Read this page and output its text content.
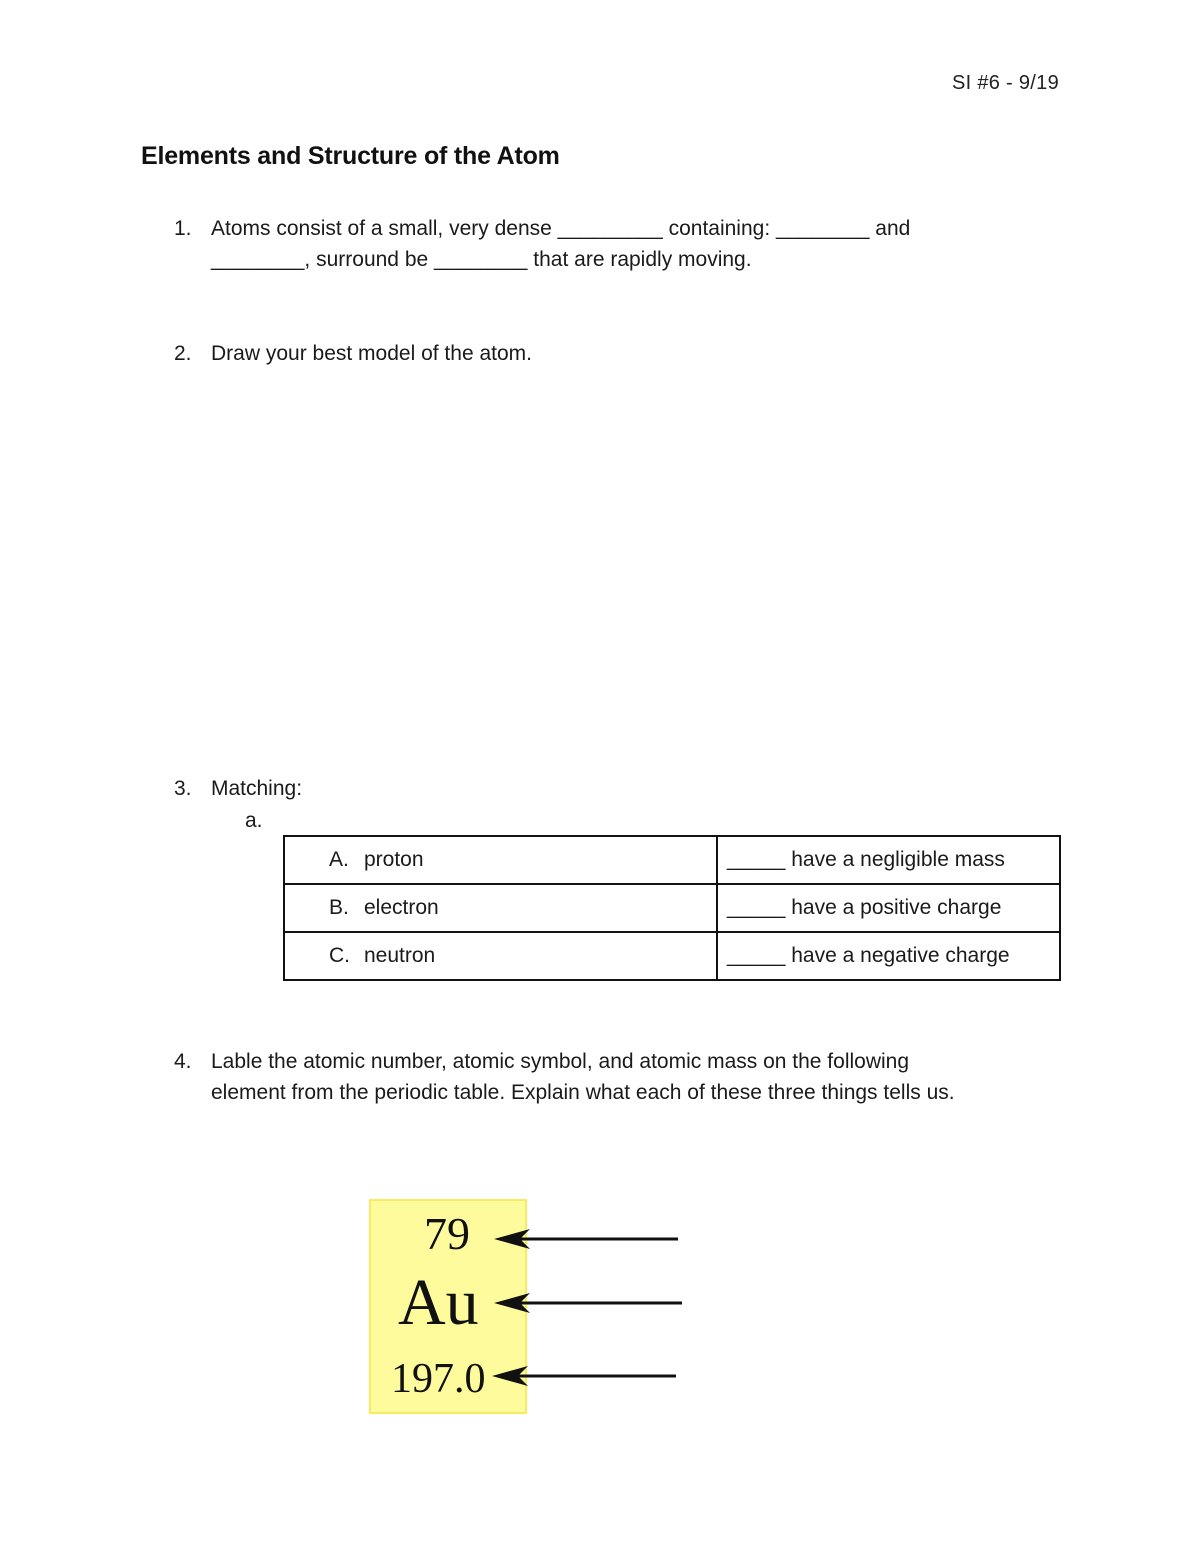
SI #6 - 9/19
Elements and Structure of the Atom
1. Atoms consist of a small, very dense _________ containing: ________ and
________, surround be ________ that are rapidly moving.
2. Draw your best model of the atom.
3. Matching:
a.
A. proton	_____ have a negligible mass
B. electron	_____ have a positive charge
C. neutron	_____ have a negative charge
4. Lable the atomic number, atomic symbol, and atomic mass on the following
element from the periodic table. Explain what each of these three things tells us.
79
Au
197.0
